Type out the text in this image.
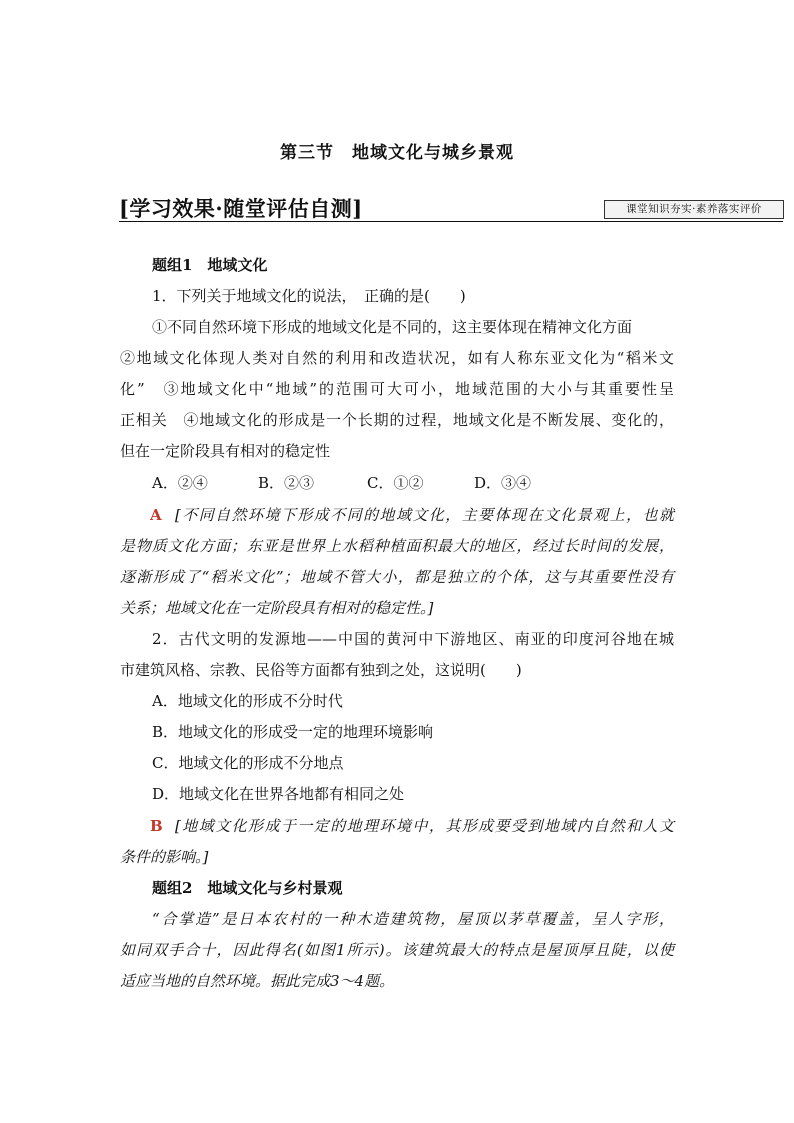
第三节　地域文化与城乡景观
[学习效果·随堂评估自测]	课堂知识夯实·素养落实评价
题组1　地域文化
1．下列关于地域文化的说法，　正确的是(　　)
①不同自然环境下形成的地域文化是不同的，这主要体现在精神文化方面
②地域文化体现人类对自然的利用和改造状况，如有人称东亚文化为“稻米文
化”　③地域文化中“地域”的范围可大可小，地域范围的大小与其重要性呈
正相关　④地域文化的形成是一个长期的过程，地域文化是不断发展、变化的，
但在一定阶段具有相对的稳定性
A．②④	B．②③	C．①②	D．③④
A [不同自然环境下形成不同的地域文化，主要体现在文化景观上，也就
是物质文化方面；东亚是世界上水稻种植面积最大的地区，经过长时间的发展，
逐渐形成了“稻米文化”；地域不管大小，都是独立的个体，这与其重要性没有
关系；地域文化在一定阶段具有相对的稳定性。]
2．古代文明的发源地——中国的黄河中下游地区、南亚的印度河谷地在城
市建筑风格、宗教、民俗等方面都有独到之处，这说明(　　)
A．地域文化的形成不分时代
B．地域文化的形成受一定的地理环境影响
C．地域文化的形成不分地点
D．地域文化在世界各地都有相同之处
B [地域文化形成于一定的地理环境中，其形成要受到地域内自然和人文
条件的影响。]
题组2　地域文化与乡村景观
“合掌造”是日本农村的一种木造建筑物，屋顶以茅草覆盖，呈人字形，
如同双手合十，因此得名(如图1所示)。该建筑最大的特点是屋顶厚且陡，以使
适应当地的自然环境。据此完成3～4题。
